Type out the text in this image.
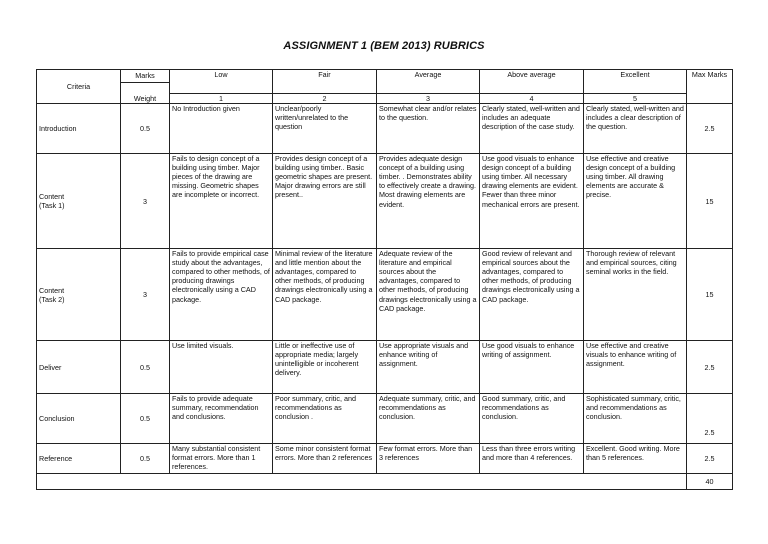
ASSIGNMENT 1 (BEM 2013) RUBRICS
Criteria	Marks	Low	Fair	Average	Above average	Excellent	Max Marks
	Weight						
		1	2	3	4	5	
Introduction	0.5	No Introduction given	Unclear/poorly written/unrelated to the question	Somewhat clear and/or relates to the question.	Clearly stated, well-written and includes an adequate description of the case study.	Clearly stated, well-written and includes a clear description of the question.	2.5
Content
(Task 1)	3	Fails to design concept of a building using timber. Major pieces of the drawing are missing. Geometric shapes are incomplete or incorrect.	Provides design concept of a building using timber.. Basic geometric shapes are present. Major drawing errors are still present..	Provides adequate design concept of a building using timber. . Demonstrates ability to effectively create a drawing. Most drawing elements are evident.	Use good visuals to enhance design concept of a building using timber. All necessary drawing elements are evident. Fewer than three minor mechanical errors are present.	Use effective and creative design concept of a building using timber. All drawing elements are accurate & precise.	15
Content
(Task 2)	3	Fails to provide empirical case study about the advantages, compared to other methods, of producing drawings electronically using a CAD package.	Minimal review of the literature and little mention about the advantages, compared to other methods, of producing drawings electronically using a CAD package.	Adequate review of the literature and empirical sources about the advantages, compared to other methods, of producing drawings electronically using a CAD package.	Good review of relevant and empirical sources about the advantages, compared to other methods, of producing drawings electronically using a CAD package.	Thorough review of relevant and empirical sources, citing seminal works in the field.	15
Deliver	0.5	Use limited visuals.	Little or ineffective use of appropriate media; largely unintelligible or incoherent delivery.	Use appropriate visuals and enhance writing of assignment.	Use good visuals to enhance writing of assignment.	Use effective and creative visuals to enhance writing of assignment.	2.5
Conclusion	0.5	Fails to provide adequate summary, recommendation and conclusions.	Poor summary, critic, and recommendations as conclusion .	Adequate summary, critic, and recommendations as conclusion.	Good summary, critic, and recommendations as conclusion.	Sophisticated summary, critic, and recommendations as conclusion.	2.5
Reference	0.5	Many substantial consistent format errors. More than 1 references.	Some minor consistent format errors. More than 2 references	Few format errors. More than 3 references	Less than three errors writing and more than 4 references.	Excellent. Good writing. More than 5 references.	2.5
							40
